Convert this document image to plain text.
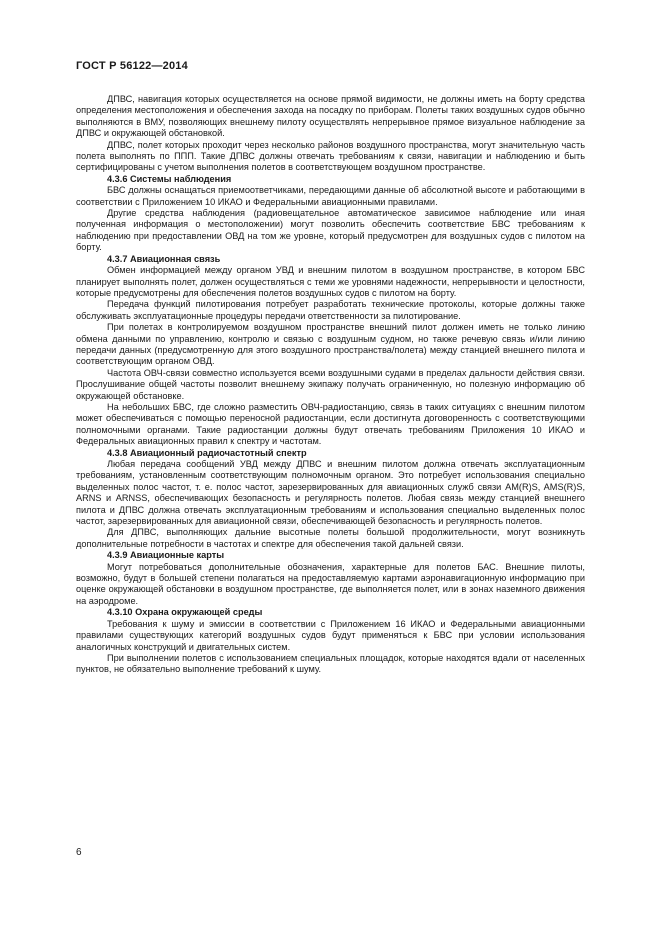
ГОСТ Р 56122—2014

ДПВС, навигация которых осуществляется на основе прямой видимости, не должны иметь на борту средства определения местоположения и обеспечения захода на посадку по приборам. Полеты таких воздушных судов обычно выполняются в ВМУ, позволяющих внешнему пилоту осуществлять непрерывное прямое визуальное наблюдение за ДПВС и окружающей обстановкой.

ДПВС, полет которых проходит через несколько районов воздушного пространства, могут значительную часть полета выполнять по ППП. Такие ДПВС должны отвечать требованиям к связи, навигации и наблюдению и быть сертифицированы с учетом выполнения полетов в соответствующем воздушном пространстве.

4.3.6 Системы наблюдения

БВС должны оснащаться приемоответчиками, передающими данные об абсолютной высоте и работающими в соответствии с Приложением 10 ИКАО и Федеральными авиационными правилами.

Другие средства наблюдения (радиовещательное автоматическое зависимое наблюдение или иная полученная информация о местоположении) могут позволить обеспечить соответствие БВС требованиям к наблюдению при предоставлении ОВД на том же уровне, который предусмотрен для воздушных судов с пилотом на борту.

4.3.7 Авиационная связь

Обмен информацией между органом УВД и внешним пилотом в воздушном пространстве, в котором БВС планирует выполнять полет, должен осуществляться с теми же уровнями надежности, непрерывности и целостности, которые предусмотрены для обеспечения полетов воздушных судов с пилотом на борту.

Передача функций пилотирования потребует разработать технические протоколы, которые должны также обслуживать эксплуатационные процедуры передачи ответственности за пилотирование.

При полетах в контролируемом воздушном пространстве внешний пилот должен иметь не только линию обмена данными по управлению, контролю и связью с воздушным судном, но также речевую связь и/или линию передачи данных (предусмотренную для этого воздушного пространства/полета) между станцией внешнего пилота и соответствующим органом ОВД.

Частота ОВЧ-связи совместно используется всеми воздушными судами в пределах дальности действия связи. Прослушивание общей частоты позволит внешнему экипажу получать ограниченную, но полезную информацию об окружающей обстановке.

На небольших БВС, где сложно разместить ОВЧ-радиостанцию, связь в таких ситуациях с внешним пилотом может обеспечиваться с помощью переносной радиостанции, если достигнута договоренность с соответствующими полномочными органами. Такие радиостанции должны будут отвечать требованиям Приложения 10 ИКАО и Федеральных авиационных правил к спектру и частотам.

4.3.8 Авиационный радиочастотный спектр

Любая передача сообщений УВД между ДПВС и внешним пилотом должна отвечать эксплуатационным требованиям, установленным соответствующим полномочным органом. Это потребует использования специально выделенных полос частот, т. е. полос частот, зарезервированных для авиационных служб связи AM(R)S, AMS(R)S, ARNS и ARNSS, обеспечивающих безопасность и регулярность полетов. Любая связь между станцией внешнего пилота и ДПВС должна отвечать эксплуатационным требованиям и использования специально выделенных полос частот, зарезервированных для авиационной связи, обеспечивающей безопасность и регулярность полетов.

Для ДПВС, выполняющих дальние высотные полеты большой продолжительности, могут возникнуть дополнительные потребности в частотах и спектре для обеспечения такой дальней связи.

4.3.9 Авиационные карты

Могут потребоваться дополнительные обозначения, характерные для полетов БАС. Внешние пилоты, возможно, будут в большей степени полагаться на предоставляемую картами аэронавигационную информацию при оценке окружающей обстановки в воздушном пространстве, где выполняется полет, или в зонах наземного движения на аэродроме.

4.3.10 Охрана окружающей среды

Требования к шуму и эмиссии в соответствии с Приложением 16 ИКАО и Федеральными авиационными правилами существующих категорий воздушных судов будут применяться к БВС при условии использования аналогичных конструкций и двигательных систем.

При выполнении полетов с использованием специальных площадок, которые находятся вдали от населенных пунктов, не обязательно выполнение требований к шуму.

6
